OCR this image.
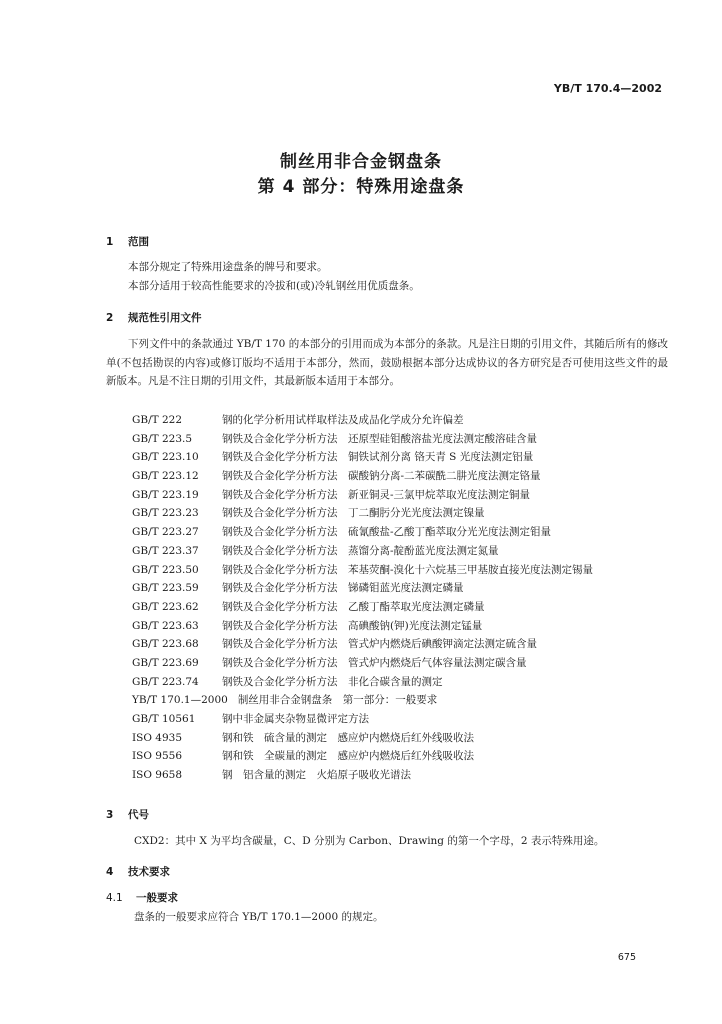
YB/T 170.4—2002
制丝用非合金钢盘条
第 4 部分：特殊用途盘条
1 范围
本部分规定了特殊用途盘条的牌号和要求。
本部分适用于较高性能要求的冷拔和(或)冷轧钢丝用优质盘条。
2 规范性引用文件
下列文件中的条款通过 YB/T 170 的本部分的引用而成为本部分的条款。凡是注日期的引用文件，其随后所有的修改单(不包括勘误的内容)或修订版均不适用于本部分，然而，鼓励根据本部分达成协议的各方研究是否可使用这些文件的最新版本。凡是不注日期的引用文件，其最新版本适用于本部分。
GB/T 222	钢的化学分析用试样取样法及成品化学成分允许偏差
GB/T 223.5	钢铁及合金化学分析方法　还原型硅钼酸溶盐光度法测定酸溶硅含量
GB/T 223.10 钢铁及合金化学分析方法　铜铁试剂分离 铬天青 S 光度法测定铝量
GB/T 223.12 钢铁及合金化学分析方法　碳酸钠分离-二苯碳酰二肼光度法测定铬量
GB/T 223.19 钢铁及合金化学分析方法　新亚铜灵-三氯甲烷萃取光度法测定铜量
GB/T 223.23 钢铁及合金化学分析方法　丁二酮肟分光光度法测定镍量
GB/T 223.27 钢铁及合金化学分析方法　硫氰酸盐-乙酸丁酯萃取分光光度法测定钼量
GB/T 223.37 钢铁及合金化学分析方法　蒸馏分离-靛酚蓝光度法测定氮量
GB/T 223.50 钢铁及合金化学分析方法　苯基荧酮-溴化十六烷基三甲基胺直接光度法测定锡量
GB/T 223.59 钢铁及合金化学分析方法　锑磷钼蓝光度法测定磷量
GB/T 223.62 钢铁及合金化学分析方法　乙酸丁酯萃取光度法测定磷量
GB/T 223.63 钢铁及合金化学分析方法　高碘酸钠(钾)光度法测定锰量
GB/T 223.68 钢铁及合金化学分析方法　管式炉内燃烧后碘酸钾滴定法测定硫含量
GB/T 223.69 钢铁及合金化学分析方法　管式炉内燃烧后气体容量法测定碳含量
GB/T 223.74 钢铁及合金化学分析方法　非化合碳含量的测定
YB/T 170.1—2000 制丝用非合金钢盘条　第一部分：一般要求
GB/T 10561	钢中非金属夹杂物显微评定方法
ISO 4935	钢和铁　硫含量的测定　感应炉内燃烧后红外线吸收法
ISO 9556	钢和铁　全碳量的测定　感应炉内燃烧后红外线吸收法
ISO 9658	钢　铝含量的测定　火焰原子吸收光谱法
3 代号
CXD2：其中 X 为平均含碳量，C、D 分别为 Carbon、Drawing 的第一个字母，2 表示特殊用途。
4 技术要求
4.1 一般要求
盘条的一般要求应符合 YB/T 170.1—2000 的规定。
675
